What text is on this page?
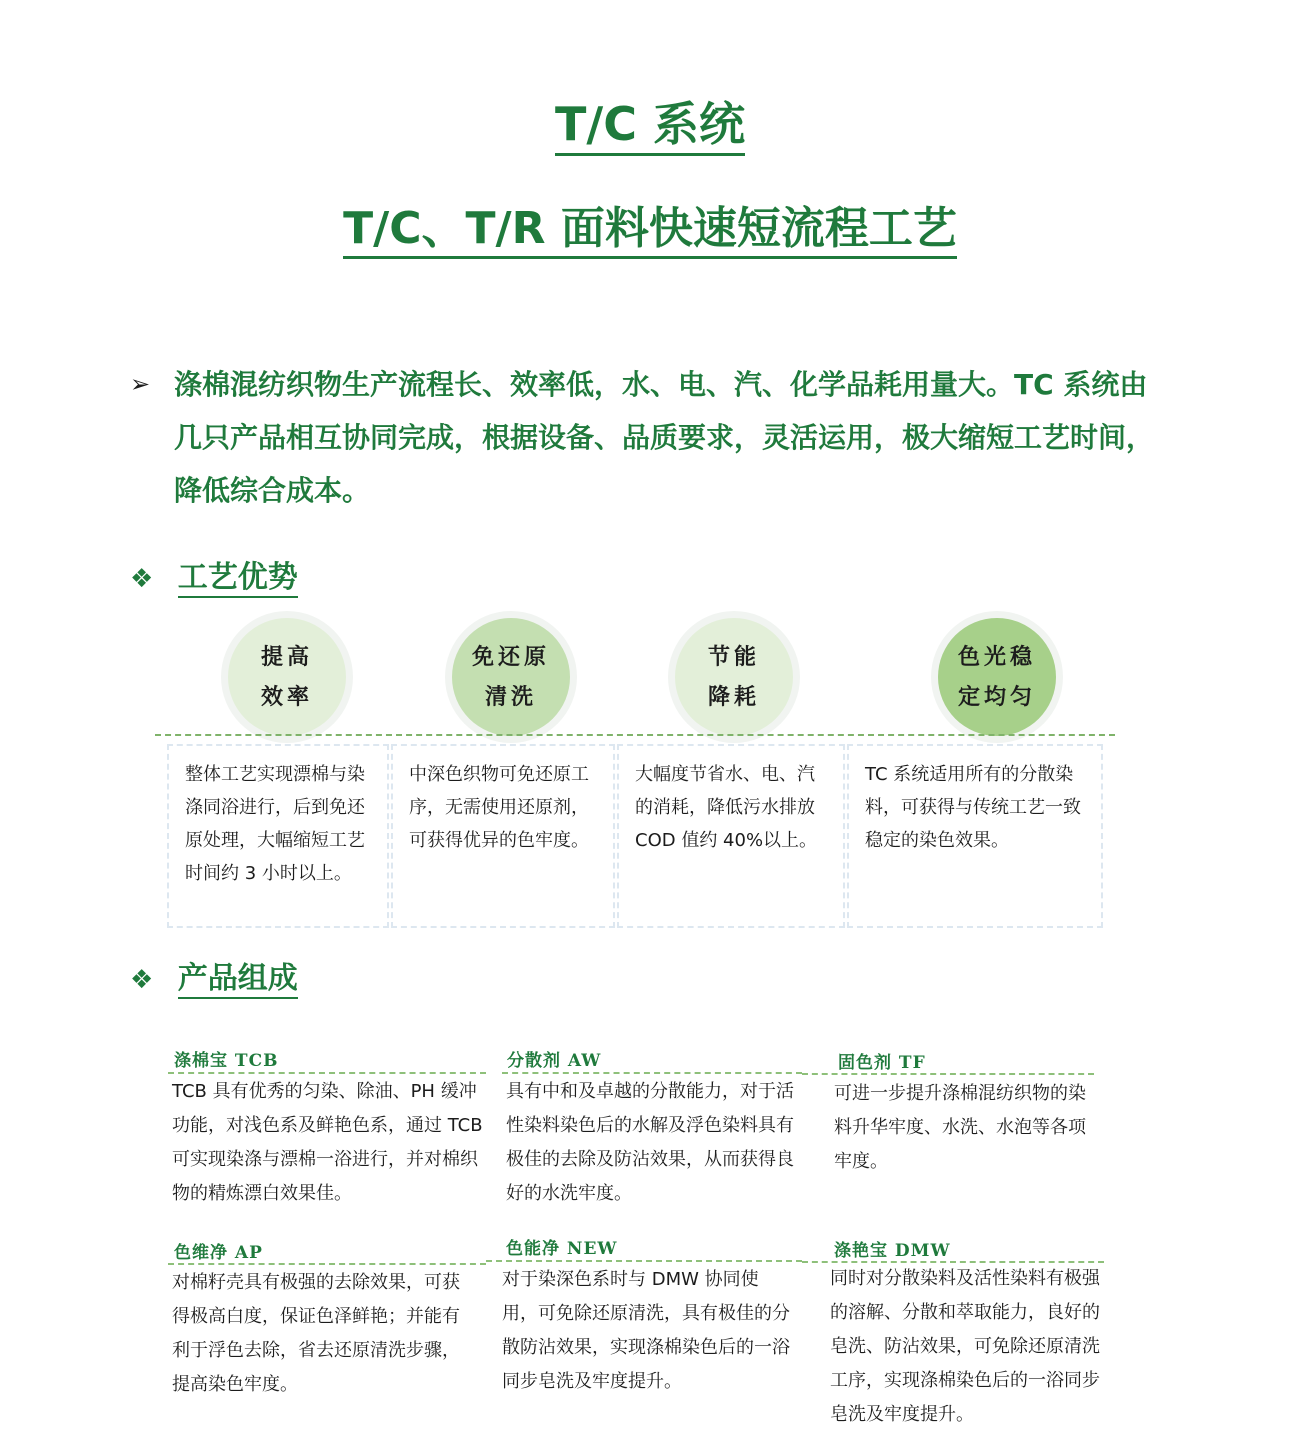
T/C 系统
T/C、T/R 面料快速短流程工艺
➢ 涤棉混纺织物生产流程长、效率低，水、电、汽、化学品耗用量大。TC 系统由几只产品相互协同完成，根据设备、品质要求，灵活运用，极大缩短工艺时间，降低综合成本。
❖ 工艺优势
提高
效率
免还原
清洗
节能
降耗
色光稳
定均匀
整体工艺实现漂棉与染涤同浴进行，后到免还原处理，大幅缩短工艺时间约 3 小时以上。
中深色织物可免还原工序，无需使用还原剂，可获得优异的色牢度。
大幅度节省水、电、汽的消耗，降低污水排放 COD 值约 40%以上。
TC 系统适用所有的分散染料，可获得与传统工艺一致稳定的染色效果。
❖ 产品组成
涤棉宝 TCB
TCB 具有优秀的匀染、除油、PH 缓冲功能，对浅色系及鲜艳色系，通过 TCB 可实现染涤与漂棉一浴进行，并对棉织物的精炼漂白效果佳。
分散剂 AW
具有中和及卓越的分散能力，对于活性染料染色后的水解及浮色染料具有极佳的去除及防沾效果，从而获得良好的水洗牢度。
固色剂 TF
可进一步提升涤棉混纺织物的染料升华牢度、水洗、水泡等各项牢度。
色维净 AP
对棉籽壳具有极强的去除效果，可获得极高白度，保证色泽鲜艳；并能有利于浮色去除，省去还原清洗步骤，提高染色牢度。
色能净 NEW
对于染深色系时与 DMW 协同使用，可免除还原清洗，具有极佳的分散防沾效果，实现涤棉染色后的一浴同步皂洗及牢度提升。
涤艳宝 DMW
同时对分散染料及活性染料有极强的溶解、分散和萃取能力，良好的皂洗、防沾效果，可免除还原清洗工序，实现涤棉染色后的一浴同步皂洗及牢度提升。
